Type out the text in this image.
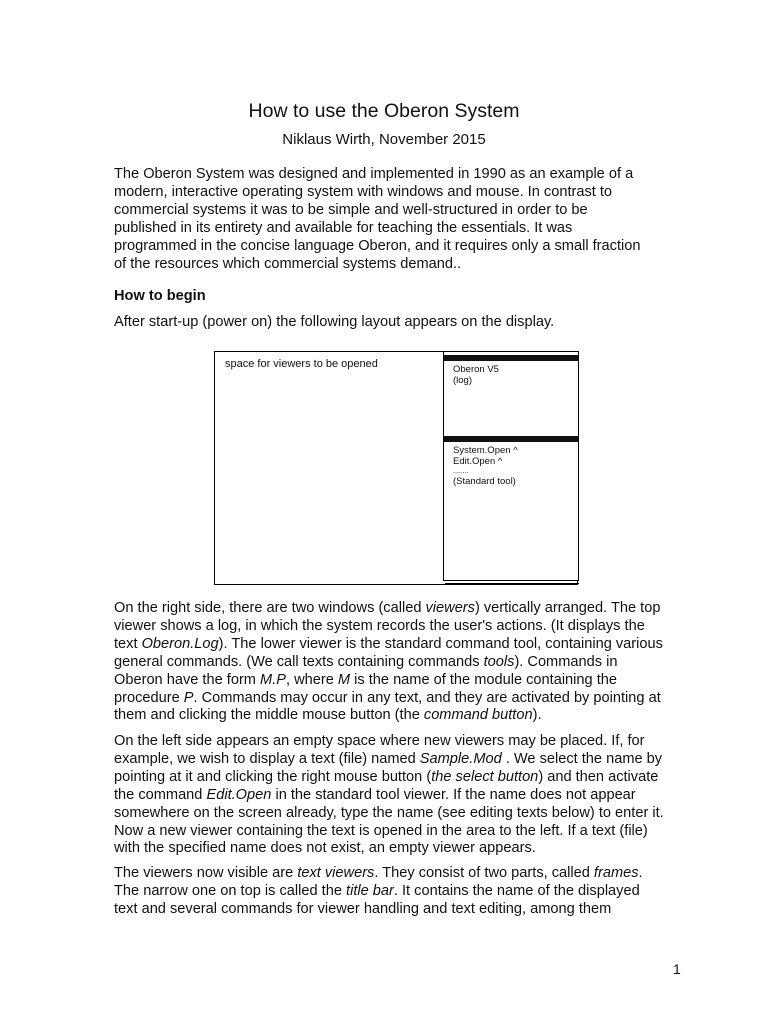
How to use the Oberon System
Niklaus Wirth, November 2015

The Oberon System was designed and implemented in 1990 as an example of a
modern, interactive operating system with windows and mouse. In contrast to
commercial systems it was to be simple and well-structured in order to be
published in its entirety and available for teaching the essentials. It was
programmed in the concise language Oberon, and it requires only a small fraction
of the resources which commercial systems demand..

How to begin

After start-up (power on) the following layout appears on the display.

space for viewers to be opened	Oberon V5
(log)
System.Open ^
Edit.Open ^
........
(Standard tool)

On the right side, there are two windows (called viewers) vertically arranged. The top
viewer shows a log, in which the system records the user's actions. (It displays the
text Oberon.Log). The lower viewer is the standard command tool, containing various
general commands. (We call texts containing commands tools). Commands in
Oberon have the form M.P, where M is the name of the module containing the
procedure P. Commands may occur in any text, and they are activated by pointing at
them and clicking the middle mouse button (the command button).

On the left side appears an empty space where new viewers may be placed. If, for
example, we wish to display a text (file) named Sample.Mod . We select the name by
pointing at it and clicking the right mouse button (the select button) and then activate
the command Edit.Open in the standard tool viewer. If the name does not appear
somewhere on the screen already, type the name (see editing texts below) to enter it.
Now a new viewer containing the text is opened in the area to the left. If a text (file)
with the specified name does not exist, an empty viewer appears.

The viewers now visible are text viewers. They consist of two parts, called frames.
The narrow one on top is called the title bar. It contains the name of the displayed
text and several commands for viewer handling and text editing, among them

1
